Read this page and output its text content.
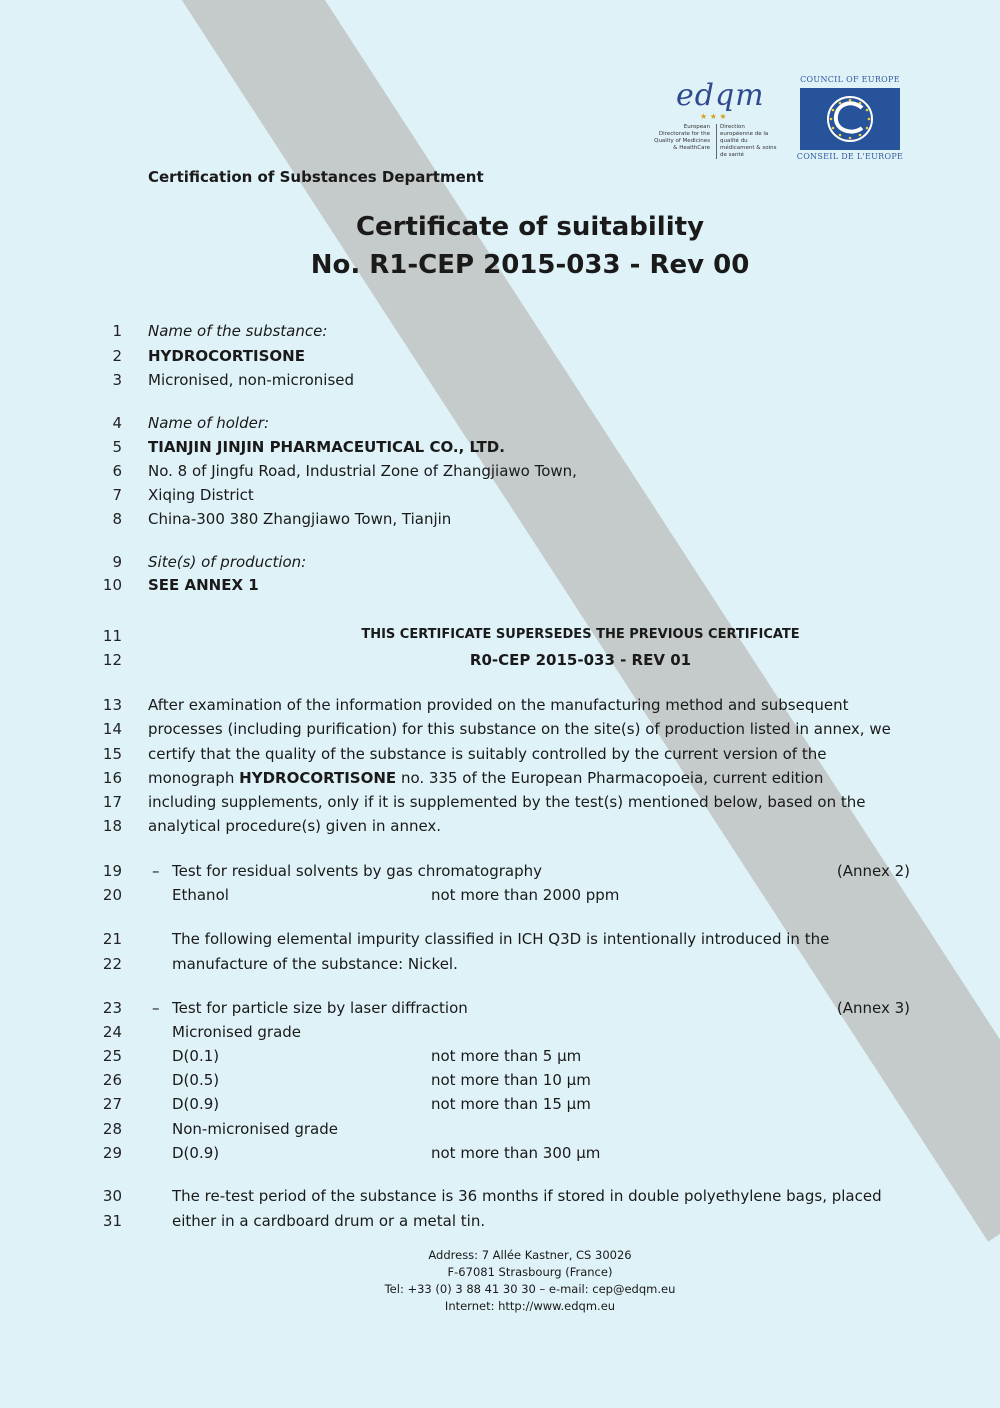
edqm
★ ★ ★
European Directorate for the Quality of Medicines & HealthCare
Direction européenne de la qualité du médicament & soins de santé
COUNCIL OF EUROPE
CONSEIL DE L'EUROPE
Certification of Substances Department
Certificate of suitability
No. R1-CEP 2015-033 - Rev 00
1 Name of the substance:
2 HYDROCORTISONE
3 Micronised, non-micronised
4 Name of holder:
5 TIANJIN JINJIN PHARMACEUTICAL CO., LTD.
6 No. 8 of Jingfu Road, Industrial Zone of Zhangjiawo Town,
7 Xiqing District
8 China-300 380 Zhangjiawo Town, Tianjin
9 Site(s) of production:
10 SEE ANNEX 1
11	THIS CERTIFICATE SUPERSEDES THE PREVIOUS CERTIFICATE
12	R0-CEP 2015-033 - REV 01
13 After examination of the information provided on the manufacturing method and subsequent
14 processes (including purification) for this substance on the site(s) of production listed in annex, we
15 certify that the quality of the substance is suitably controlled by the current version of the
16 monograph HYDROCORTISONE no. 335 of the European Pharmacopoeia, current edition
17 including supplements, only if it is supplemented by the test(s) mentioned below, based on the
18 analytical procedure(s) given in annex.
19 – Test for residual solvents by gas chromatography	(Annex 2)
20	Ethanol	not more than 2000 ppm
21	The following elemental impurity classified in ICH Q3D is intentionally introduced in the
22	manufacture of the substance: Nickel.
23 – Test for particle size by laser diffraction	(Annex 3)
24	Micronised grade
25	D(0.1)	not more than 5 µm
26	D(0.5)	not more than 10 µm
27	D(0.9)	not more than 15 µm
28	Non-micronised grade
29	D(0.9)	not more than 300 µm
30	The re-test period of the substance is 36 months if stored in double polyethylene bags, placed
31	either in a cardboard drum or a metal tin.
Address: 7 Allée Kastner, CS 30026
F-67081 Strasbourg (France)
Tel: +33 (0) 3 88 41 30 30 – e-mail: cep@edqm.eu
Internet: http://www.edqm.eu
